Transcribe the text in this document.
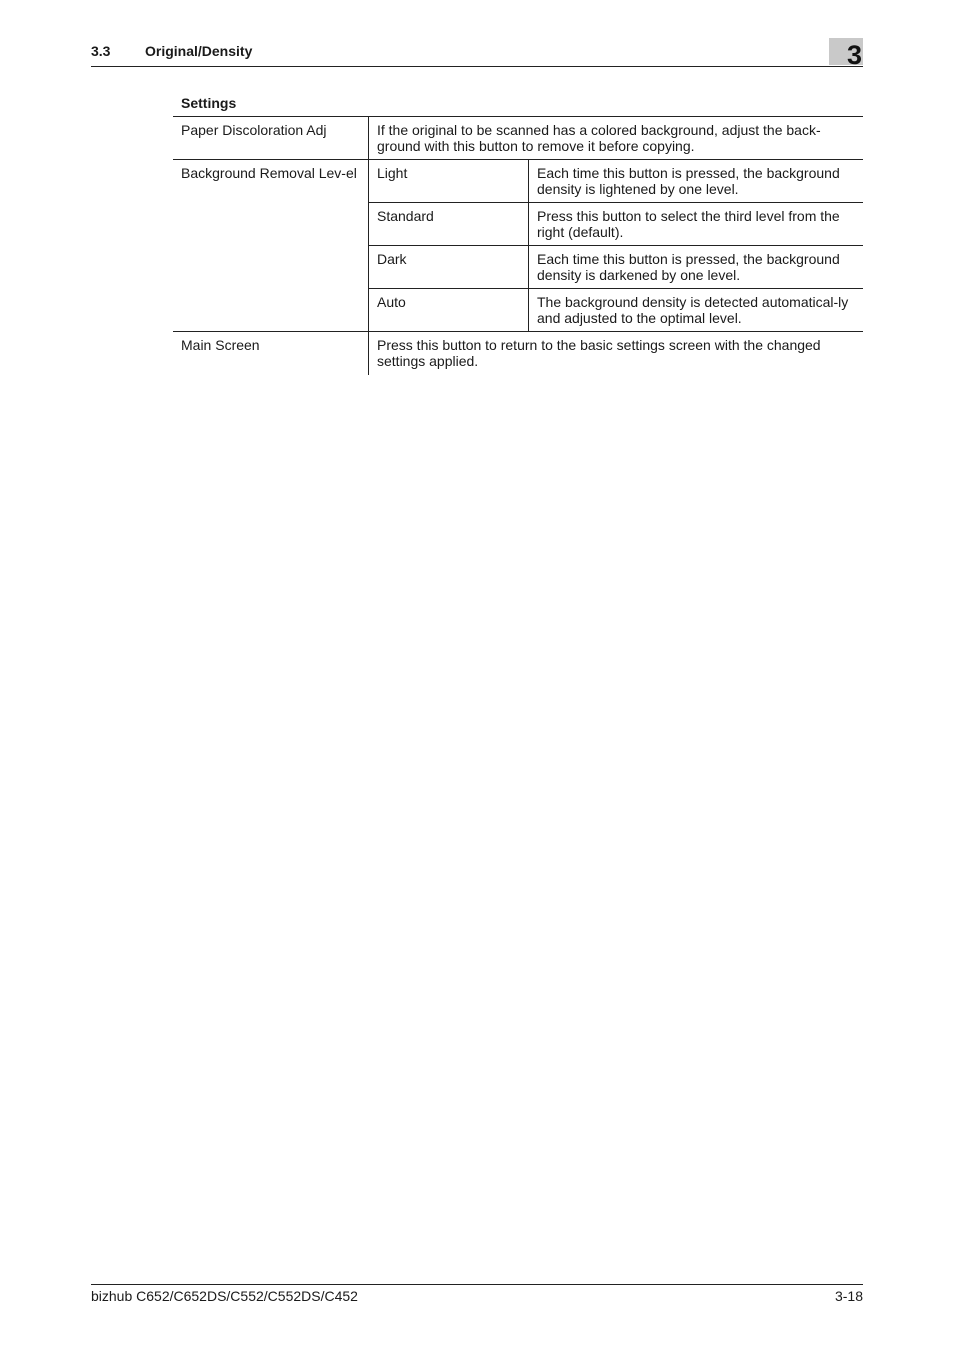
3.3 Original/Density	3
Settings
Paper Discoloration Adj	If the original to be scanned has a colored background, adjust the back-ground with this button to remove it before copying.	
Background Removal Lev-el	Light	Each time this button is pressed, the background density is lightened by one level.
	Standard	Press this button to select the third level from the right (default).
	Dark	Each time this button is pressed, the background density is darkened by one level.
	Auto	The background density is detected automatical-ly and adjusted to the optimal level.
Main Screen	Press this button to return to the basic settings screen with the changed settings applied.	
bizhub C652/C652DS/C552/C552DS/C452	3-18
